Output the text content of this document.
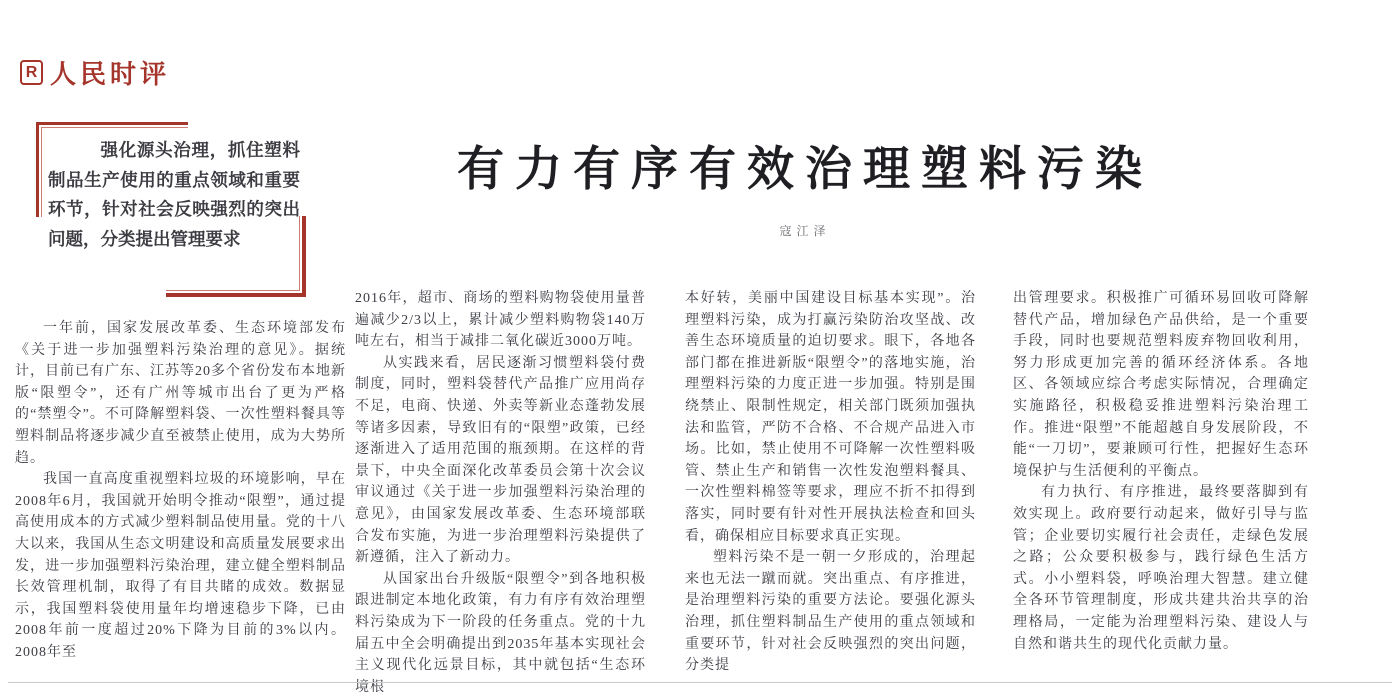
R 人民时评
强化源头治理，抓住塑料制品生产使用的重点领域和重要环节，针对社会反映强烈的突出问题，分类提出管理要求
有力有序有效治理塑料污染
寇江泽

一年前，国家发展改革委、生态环境部发布《关于进一步加强塑料污染治理的意见》。据统计，目前已有广东、江苏等20多个省份发布本地新版“限塑令”，还有广州等城市出台了更为严格的“禁塑令”。不可降解塑料袋、一次性塑料餐具等塑料制品将逐步减少直至被禁止使用，成为大势所趋。

我国一直高度重视塑料垃圾的环境影响，早在2008年6月，我国就开始明令推动“限塑”，通过提高使用成本的方式减少塑料制品使用量。党的十八大以来，我国从生态文明建设和高质量发展要求出发，进一步加强塑料污染治理，建立健全塑料制品长效管理机制，取得了有目共睹的成效。数据显示，我国塑料袋使用量年均增速稳步下降，已由2008年前一度超过20%下降为目前的3%以内。2008年至

2016年，超市、商场的塑料购物袋使用量普遍减少2/3以上，累计减少塑料购物袋140万吨左右，相当于减排二氧化碳近3000万吨。

从实践来看，居民逐渐习惯塑料袋付费制度，同时，塑料袋替代产品推广应用尚存不足，电商、快递、外卖等新业态蓬勃发展等诸多因素，导致旧有的“限塑”政策，已经逐渐进入了适用范围的瓶颈期。在这样的背景下，中央全面深化改革委员会第十次会议审议通过《关于进一步加强塑料污染治理的意见》，由国家发展改革委、生态环境部联合发布实施，为进一步治理塑料污染提供了新遵循，注入了新动力。

从国家出台升级版“限塑令”到各地积极跟进制定本地化政策，有力有序有效治理塑料污染成为下一阶段的任务重点。党的十九届五中全会明确提出到2035年基本实现社会主义现代化远景目标，其中就包括“生态环境根

本好转，美丽中国建设目标基本实现”。治理塑料污染，成为打赢污染防治攻坚战、改善生态环境质量的迫切要求。眼下，各地各部门都在推进新版“限塑令”的落地实施，治理塑料污染的力度正进一步加强。特别是围绕禁止、限制性规定，相关部门既须加强执法和监管，严防不合格、不合规产品进入市场。比如，禁止使用不可降解一次性塑料吸管、禁止生产和销售一次性发泡塑料餐具、一次性塑料棉签等要求，理应不折不扣得到落实，同时要有针对性开展执法检查和回头看，确保相应目标要求真正实现。

塑料污染不是一朝一夕形成的，治理起来也无法一蹴而就。突出重点、有序推进，是治理塑料污染的重要方法论。要强化源头治理，抓住塑料制品生产使用的重点领域和重要环节，针对社会反映强烈的突出问题，分类提

出管理要求。积极推广可循环易回收可降解替代产品，增加绿色产品供给，是一个重要手段，同时也要规范塑料废弃物回收利用，努力形成更加完善的循环经济体系。各地区、各领域应综合考虑实际情况，合理确定实施路径，积极稳妥推进塑料污染治理工作。推进“限塑”不能超越自身发展阶段，不能“一刀切”，要兼顾可行性，把握好生态环境保护与生活便利的平衡点。

有力执行、有序推进，最终要落脚到有效实现上。政府要行动起来，做好引导与监管；企业要切实履行社会责任，走绿色发展之路；公众要积极参与，践行绿色生活方式。小小塑料袋，呼唤治理大智慧。建立健全各环节管理制度，形成共建共治共享的治理格局，一定能为治理塑料污染、建设人与自然和谐共生的现代化贡献力量。
